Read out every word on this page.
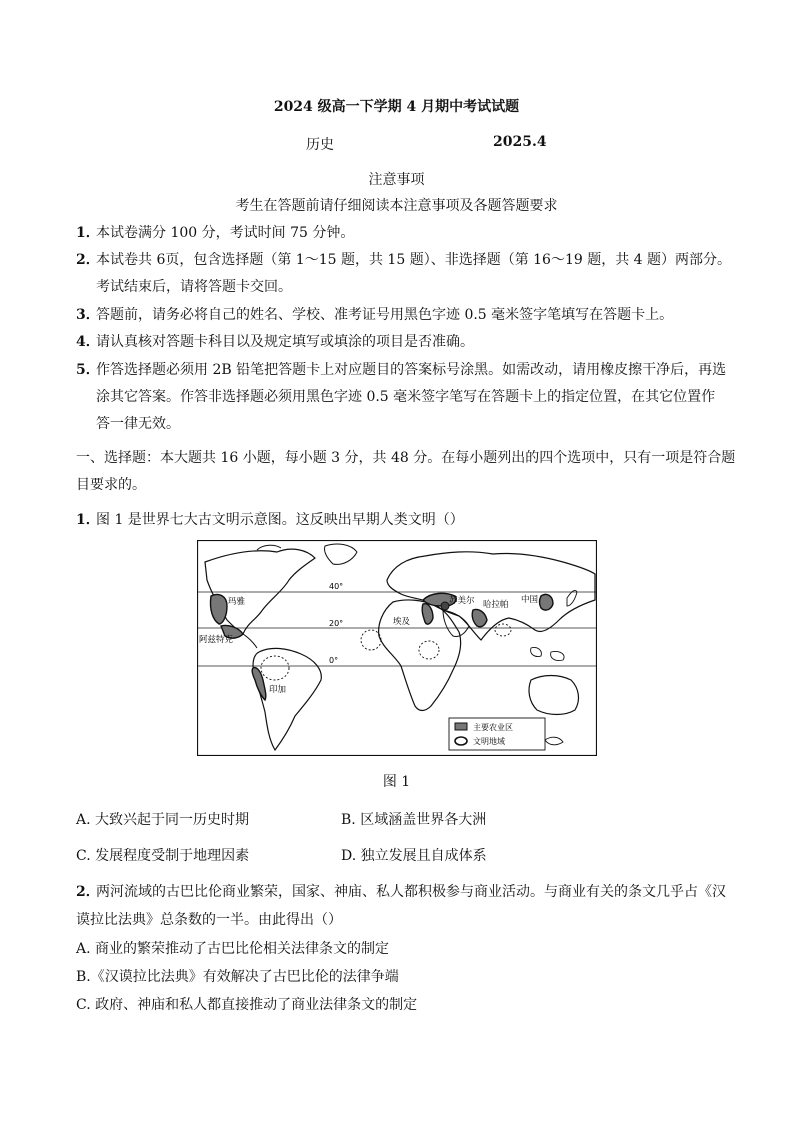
2024 级高一下学期 4 月期中考试试题
历史	2025.4
注意事项
考生在答题前请仔细阅读本注意事项及各题答题要求
1．本试卷满分 100 分，考试时间 75 分钟。
2．本试卷共 6页，包含选择题（第 1～15 题，共 15 题）、非选择题（第 16～19 题，共 4 题）两部分。
考试结束后，请将答题卡交回。
3．答题前，请务必将自己的姓名、学校、准考证号用黑色字迹 0.5 毫米签字笔填写在答题卡上。
4．请认真核对答题卡科目以及规定填写或填涂的项目是否准确。
5．作答选择题必须用 2B 铅笔把答题卡上对应题目的答案标号涂黑。如需改动，请用橡皮擦干净后，再选
涂其它答案。作答非选择题必须用黑色字迹 0.5 毫米签字笔写在答题卡上的指定位置，在其它位置作
答一律无效。
一、选择题：本大题共 16 小题，每小题 3 分，共 48 分。在每小题列出的四个选项中，只有一项是符合题
目要求的。
1．图 1 是世界七大古文明示意图。这反映出早期人类文明（）
40°
20°
0°
玛雅
阿兹特克
印加
埃及
苏美尔 哈拉帕 中国
主要农业区
文明地域
图 1
A. 大致兴起于同一历史时期	B. 区域涵盖世界各大洲
C. 发展程度受制于地理因素	D. 独立发展且自成体系
2．两河流域的古巴比伦商业繁荣，国家、神庙、私人都积极参与商业活动。与商业有关的条文几乎占《汉
谟拉比法典》总条数的一半。由此得出（）
A. 商业的繁荣推动了古巴比伦相关法律条文的制定
B.《汉谟拉比法典》有效解决了古巴比伦的法律争端
C. 政府、神庙和私人都直接推动了商业法律条文的制定
